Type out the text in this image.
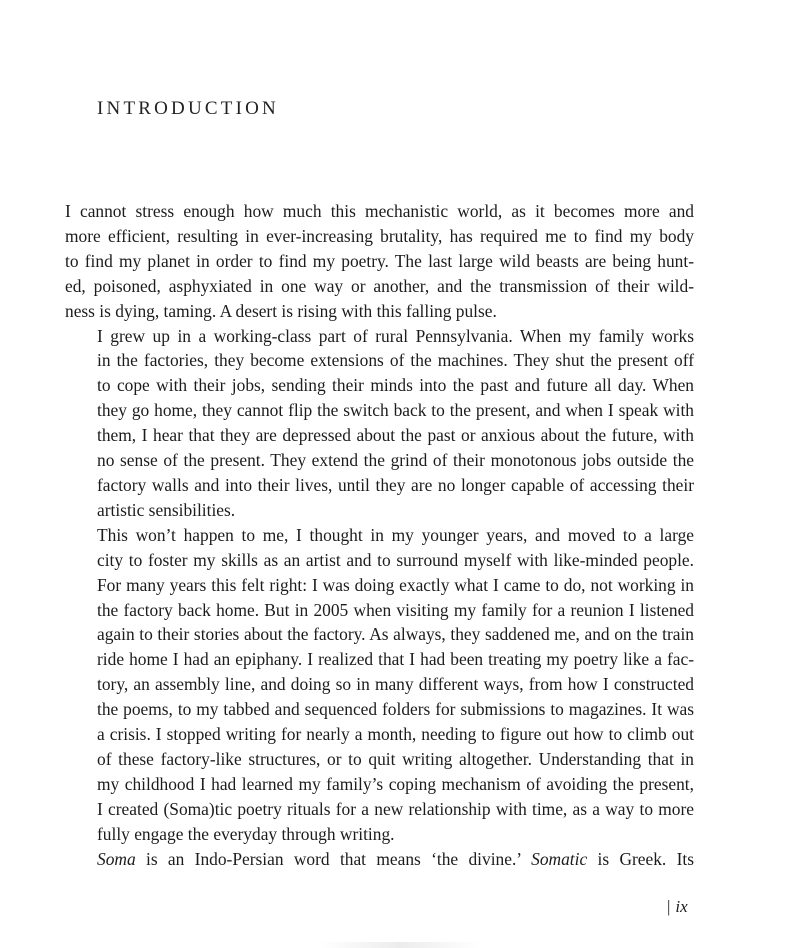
INTRODUCTION

I cannot stress enough how much this mechanistic world, as it becomes more and
more efficient, resulting in ever-increasing brutality, has required me to find my body
to find my planet in order to find my poetry. The last large wild beasts are being hunt-
ed, poisoned, asphyxiated in one way or another, and the transmission of their wild-
ness is dying, taming. A desert is rising with this falling pulse.

I grew up in a working-class part of rural Pennsylvania. When my family works
in the factories, they become extensions of the machines. They shut the present off
to cope with their jobs, sending their minds into the past and future all day. When
they go home, they cannot flip the switch back to the present, and when I speak with
them, I hear that they are depressed about the past or anxious about the future, with
no sense of the present. They extend the grind of their monotonous jobs outside the
factory walls and into their lives, until they are no longer capable of accessing their
artistic sensibilities.

This won’t happen to me, I thought in my younger years, and moved to a large
city to foster my skills as an artist and to surround myself with like-minded people.
For many years this felt right: I was doing exactly what I came to do, not working in
the factory back home. But in 2005 when visiting my family for a reunion I listened
again to their stories about the factory. As always, they saddened me, and on the train
ride home I had an epiphany. I realized that I had been treating my poetry like a fac-
tory, an assembly line, and doing so in many different ways, from how I constructed
the poems, to my tabbed and sequenced folders for submissions to magazines. It was
a crisis. I stopped writing for nearly a month, needing to figure out how to climb out
of these factory-like structures, or to quit writing altogether. Understanding that in
my childhood I had learned my family’s coping mechanism of avoiding the present,
I created (Soma)tic poetry rituals for a new relationship with time, as a way to more
fully engage the everyday through writing.

Soma is an Indo-Persian word that means ‘the divine.’ Somatic is Greek. Its

| ix
